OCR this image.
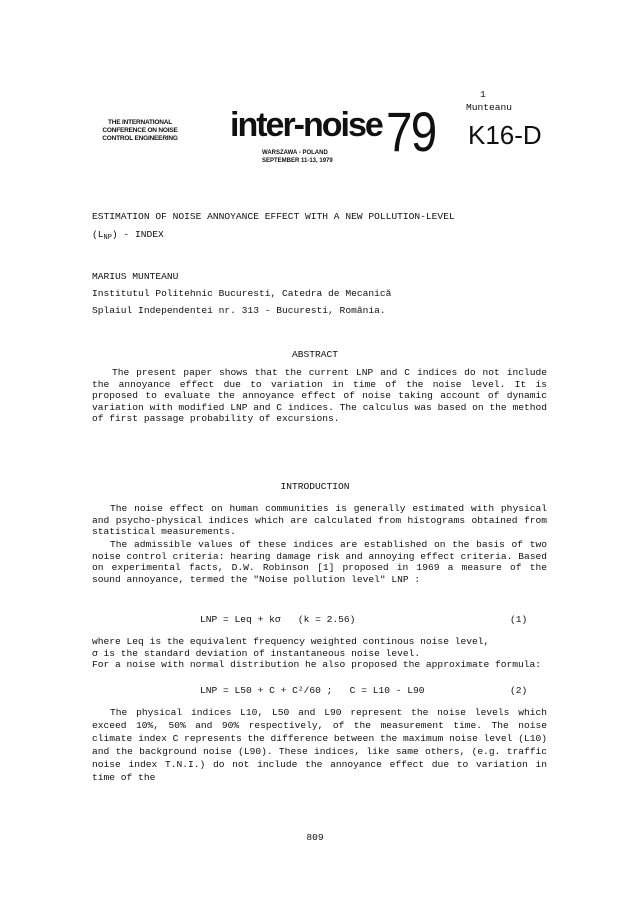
1
Munteanu
THE INTERNATIONAL CONFERENCE ON NOISE CONTROL ENGINEERING	inter-noise
WARSZAWA - POLAND
SEPTEMBER 11-13, 1979 79 K16-D
ESTIMATION OF NOISE ANNOYANCE EFFECT WITH A NEW POLLUTION-LEVEL
$(L_{NP})$ - INDEX
MARIUS MUNTEANU
Institutul Politehnic Bucuresti, Catedra de Mecanică
Splaiul Independentei nr. 313 - Bucuresti, România.
ABSTRACT
The present paper shows that the current LNP and C indices do not include the annoyance effect due to variation in time of the noise level. It is proposed to evaluate the annoyance effect of noise taking account of dynamic variation with modified LNP and C indices. The calculus was based on the method of first passage probability of excursions.
INTRODUCTION
The noise effect on human communities is generally estimated with physical and psycho-physical indices which are calculated from histograms obtained from statistical measurements.
The admissible values of these indices are established on the basis of two noise control criteria: hearing damage risk and annoying effect criteria. Based on experimental facts, D.W. Robinson [1] proposed in 1969 a measure of the sound annoyance, termed the "Noise pollution level" LNP :
LNP = Leq + kσ   (k = 2.56)	(1)
where Leq is the equivalent frequency weighted continous noise level,
σ is the standard deviation of instantaneous noise level.
For a noise with normal distribution he also proposed the approximate formula:
LNP = L50 + C + C²/60 ;   C = L10 - L90	(2)
The physical indices L10, L50 and L90 represent the noise levels which exceed 10%, 50% and 90% respectively, of the measurement time. The noise climate index C represents the difference between the maximum noise level (L10) and the background noise (L90). These indices, like same others, (e.g. traffic noise index T.N.I.) do not include the annoyance effect due to variation in time of the
809
